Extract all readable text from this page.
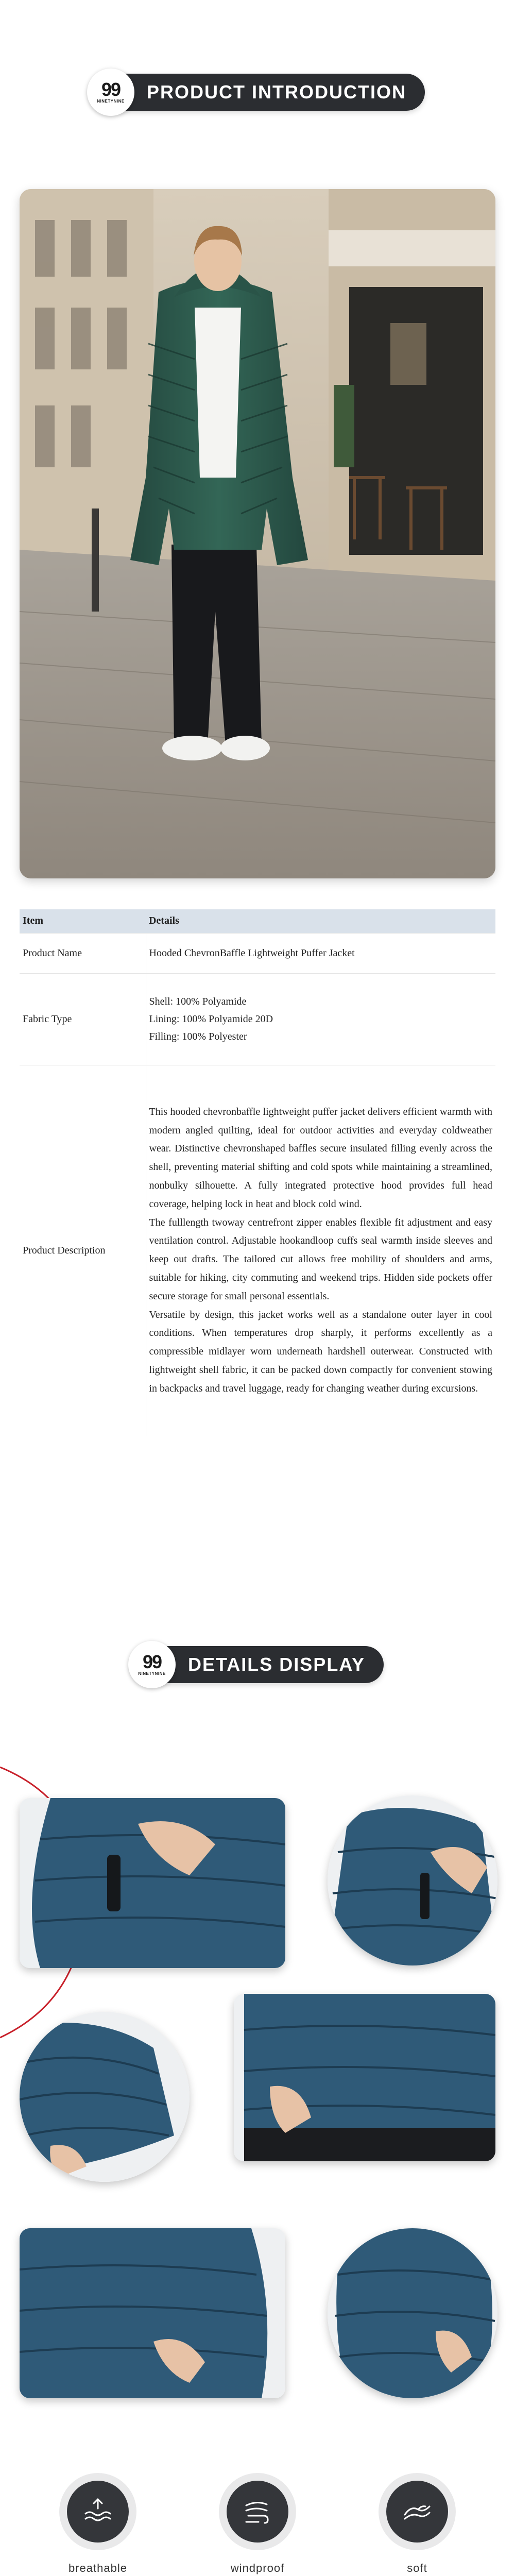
99
NINETYNINE PRODUCT INTRODUCTION
Item	Details
Product Name	Hooded ChevronBaffle Lightweight Puffer Jacket
Fabric Type	Shell: 100% Polyamide
Lining: 100% Polyamide 20D
Filling: 100% Polyester

Product Description	This hooded chevronbaffle lightweight puffer jacket delivers efficient warmth with modern angled quilting, ideal for outdoor activities and everyday coldweather wear. Distinctive chevronshaped baffles secure insulated filling evenly across the shell, preventing material shifting and cold spots while maintaining a streamlined, nonbulky silhouette. A fully integrated protective hood provides full head coverage, helping lock in heat and block cold wind.

The fulllength twoway centrefront zipper enables flexible fit adjustment and easy ventilation control. Adjustable hookandloop cuffs seal warmth inside sleeves and keep out drafts. The tailored cut allows free mobility of shoulders and arms, suitable for hiking, city commuting and weekend trips. Hidden side pockets offer secure storage for small personal essentials.

Versatile by design, this jacket works well as a standalone outer layer in cool conditions. When temperatures drop sharply, it performs excellently as a compressible midlayer worn underneath hardshell outerwear. Constructed with lightweight shell fabric, it can be packed down compactly for convenient stowing in backpacks and travel luggage, ready for changing weather during excursions.

99
NINETYNINE DETAILS DISPLAY
breathable	windproof	soft
